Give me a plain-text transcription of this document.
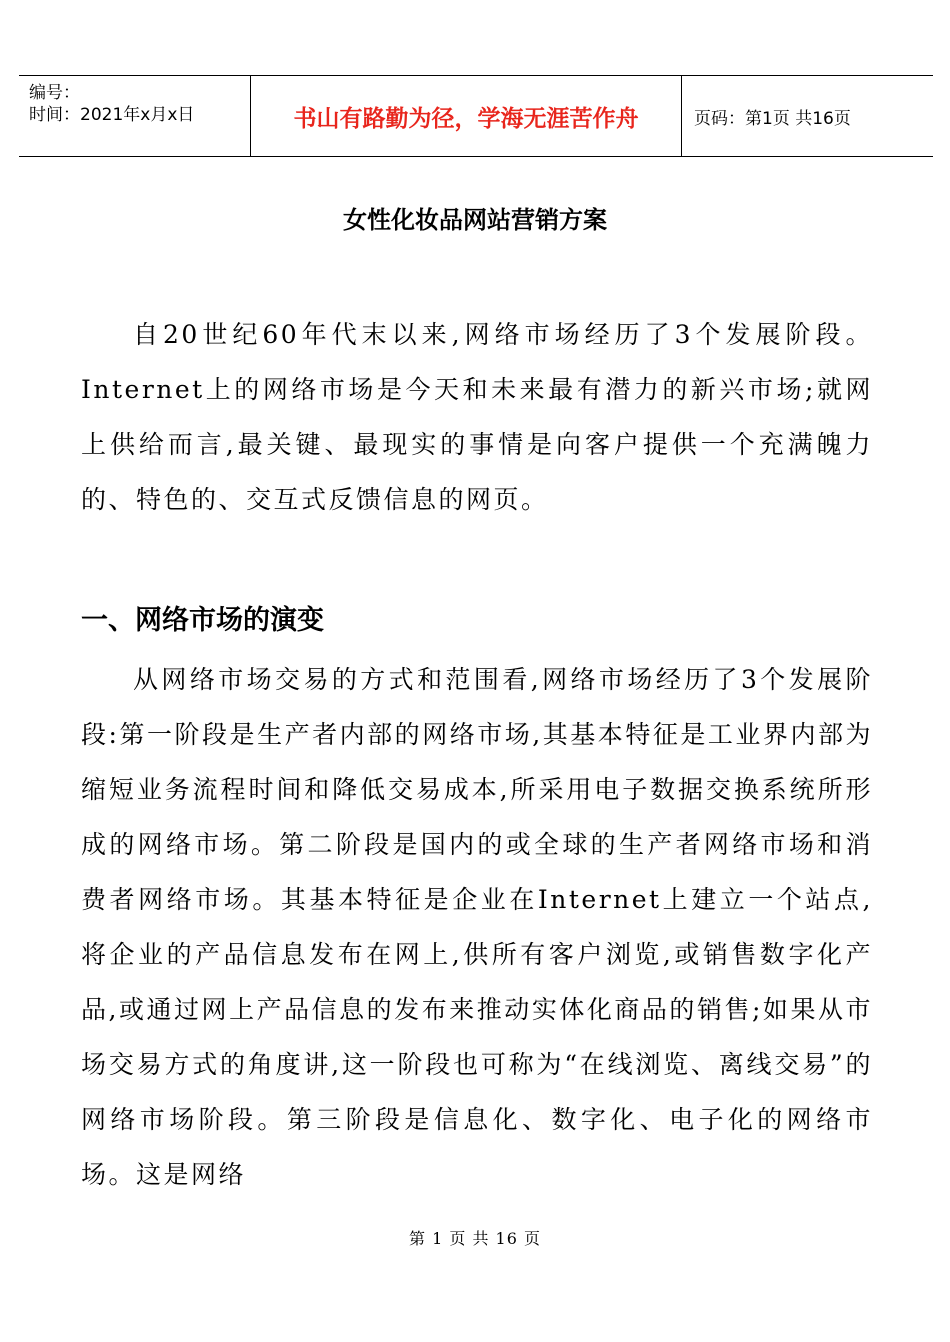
编号：
时间：2021年x月x日	书山有路勤为径，学海无涯苦作舟	页码：第1页 共16页
女性化妆品网站营销方案

自20世纪60年代末以来,网络市场经历了3个发展阶段。Internet上的网络市场是今天和未来最有潜力的新兴市场;就网上供给而言,最关键、最现实的事情是向客户提供一个充满魄力的、特色的、交互式反馈信息的网页。

一、网络市场的演变

从网络市场交易的方式和范围看,网络市场经历了3个发展阶段:第一阶段是生产者内部的网络市场,其基本特征是工业界内部为缩短业务流程时间和降低交易成本,所采用电子数据交换系统所形成的网络市场。第二阶段是国内的或全球的生产者网络市场和消费者网络市场。其基本特征是企业在Internet上建立一个站点,将企业的产品信息发布在网上,供所有客户浏览,或销售数字化产品,或通过网上产品信息的发布来推动实体化商品的销售;如果从市场交易方式的角度讲,这一阶段也可称为“在线浏览、离线交易”的网络市场阶段。第三阶段是信息化、数字化、电子化的网络市场。这是网络

第 1 页 共 16 页
